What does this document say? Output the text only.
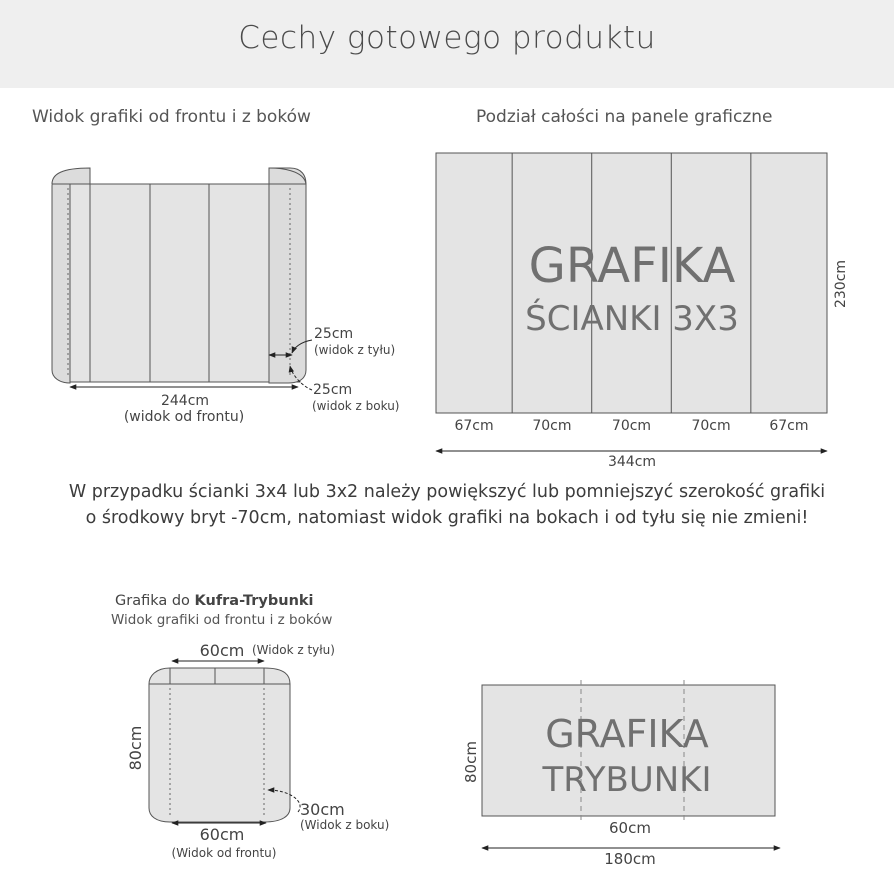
Cechy gotowego produktu
Widok grafiki od frontu i z boków	Podział całości na panele graficzne
W przypadku ścianki 3x4 lub 3x2 należy powiększyć lub pomniejszyć szerokość grafiki
o środkowy bryt -70cm, natomiast widok grafiki na bokach i od tyłu się nie zmieni!
Grafika do Kufra-Trybunki
Widok grafiki od frontu i z boków
244cm
(widok od frontu)
25cm
(widok z tyłu)
25cm
(widok z boku)
GRAFIKA
ŚCIANKI 3X3
230cm
344cm
60cm (Widok z tyłu)
80cm
30cm
(Widok z boku)
60cm
(Widok od frontu)
GRAFIKA
TRYBUNKI
80cm
60cm
180cm
67cm	70cm	70cm	70cm	67cm
